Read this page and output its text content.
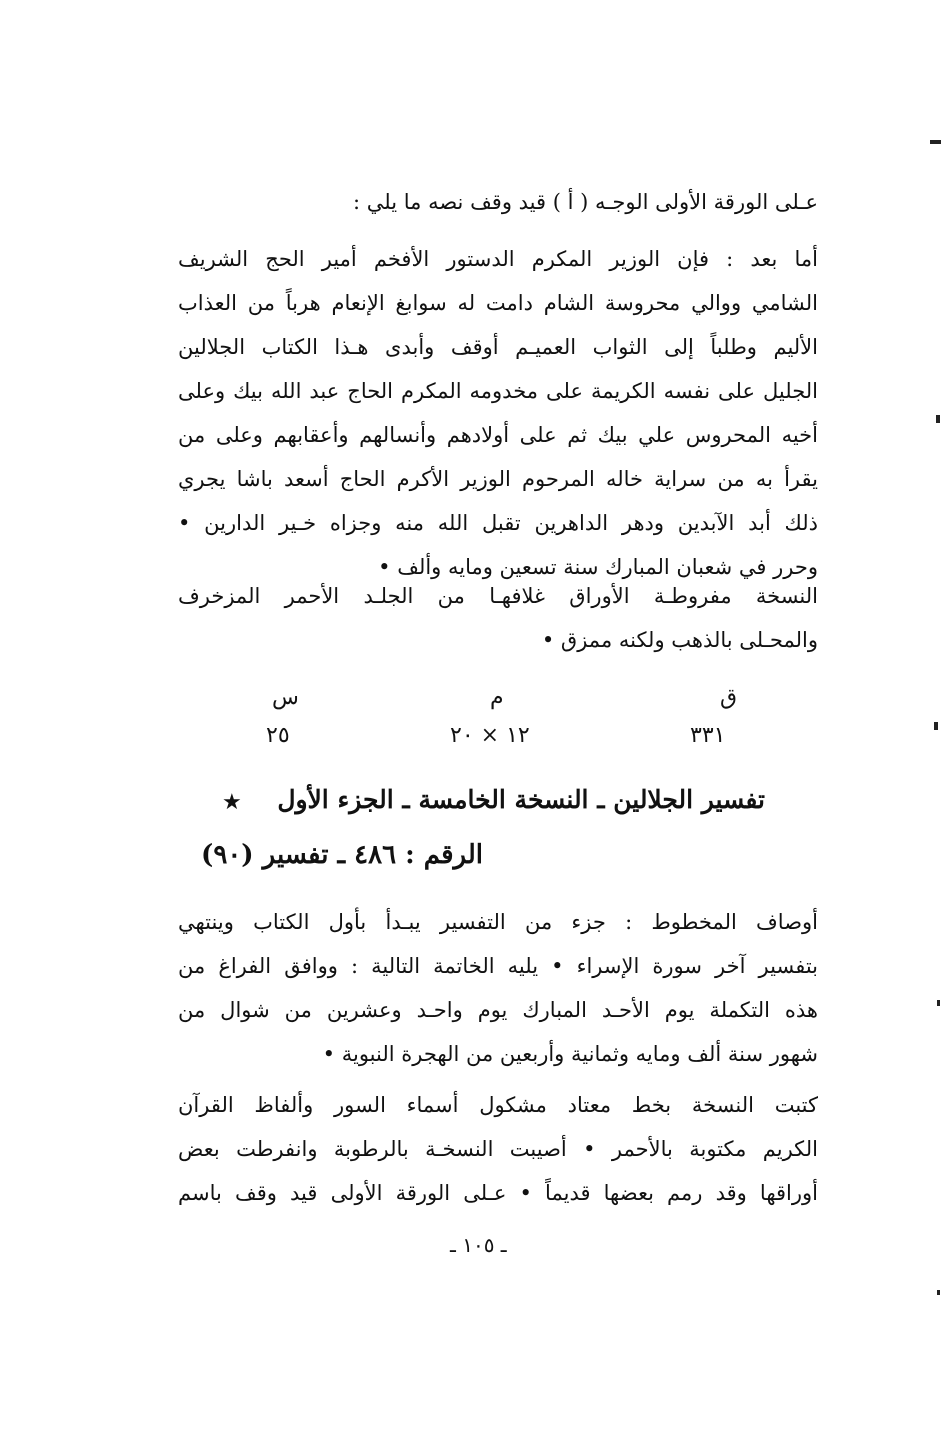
عـلى الورقة الأولى الوجـه ( أ ) قيد وقف نصه ما يلي :
أما بعد : فإن الوزير المكرم الدستور الأفخم أمير الحج الشريف
الشامي ووالي محروسة الشام دامت له سوابغ الإنعام هرباً من العذاب
الأليم وطلباً إلى الثواب العميـم أوقف وأبدى هـذا الكتاب الجلالين
الجليل على نفسه الكريمة على مخدومه المكرم الحاج عبد الله بيك وعلى
أخيه المحروس علي بيك ثم على أولادهم وأنسالهم وأعقابهم وعلى من
يقرأ به من سراية خاله المرحوم الوزير الأكرم الحاج أسعد باشا يجري
ذلك أبد الآبدين ودهر الداهرين تقبل الله منه وجزاه خـير الدارين •
وحرر في شعبان المبارك سنة تسعين ومايه وألف •
النسخة مفروطـة الأوراق غلافهـا من الجلـد الأحمر المزخرف
والمحـلى بالذهب ولكنه ممزق •
ق
م
س
٣٣١
١٢ × ٢٠
٢٥
تفسير الجلالين ـ النسخة الخامسة ـ الجزء الأول
★
الرقم : ٤٨٦ ـ تفسير (٩٠)
أوصاف المخطوط : جزء من التفسير يبـدأ بأول الكتاب وينتهي
بتفسير آخر سورة الإسراء • يليه الخاتمة التالية : ووافق الفراغ من
هذه التكملة يوم الأحـد المبارك يوم واحـد وعشرين من شوال من
شهور سنة ألف ومايه وثمانية وأربعين من الهجرة النبوية •
كتبت النسخة بخط معتاد مشكول أسماء السور وألفاظ القرآن
الكريم مكتوبة بالأحمر • أصيبت النسخـة بالرطوبة وانفرطت بعض
أوراقها وقد رمم بعضها قديماً • عـلى الورقة الأولى قيد وقف باسم
ـ ١٠٥ ـ
